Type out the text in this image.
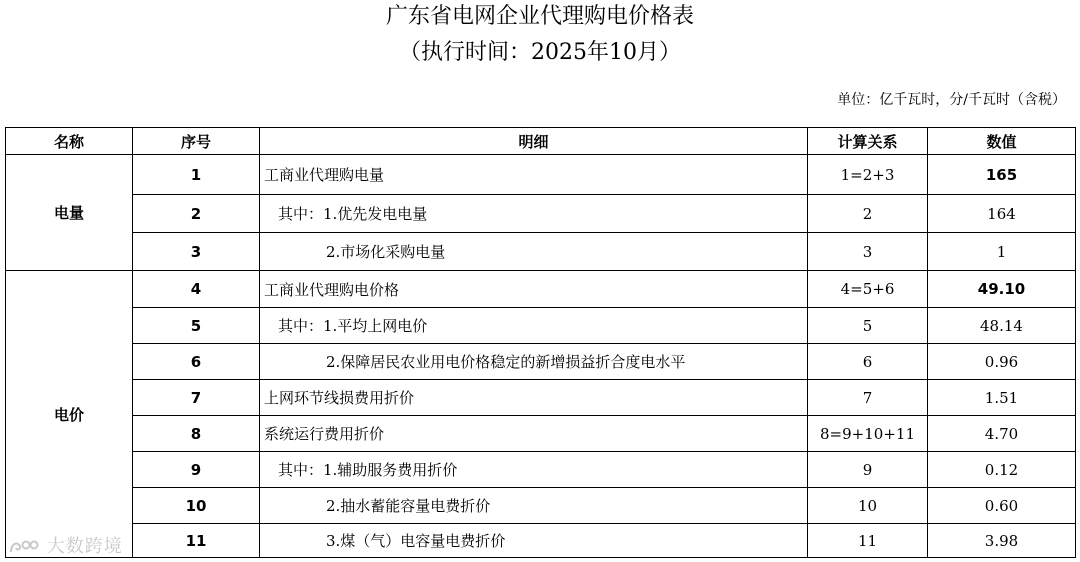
广东省电网企业代理购电价格表
（执行时间：2025年10月）
单位：亿千瓦时，分/千瓦时（含税）
名称	序号	明细	计算关系	数值
电量	1	工商业代理购电量	1=2+3	165
	2	其中：1.优先发电电量	2	164
	3	2.市场化采购电量	3	1
电价	4	工商业代理购电价格	4=5+6	49.10
	5	其中：1.平均上网电价	5	48.14
	6	2.保障居民农业用电价格稳定的新增损益折合度电水平	6	0.96
	7	上网环节线损费用折价	7	1.51
	8	系统运行费用折价	8=9+10+11	4.70
	9	其中：1.辅助服务费用折价	9	0.12
	10	2.抽水蓄能容量电费折价	10	0.60
	11	3.煤（气）电容量电费折价	11	3.98
大数跨境
